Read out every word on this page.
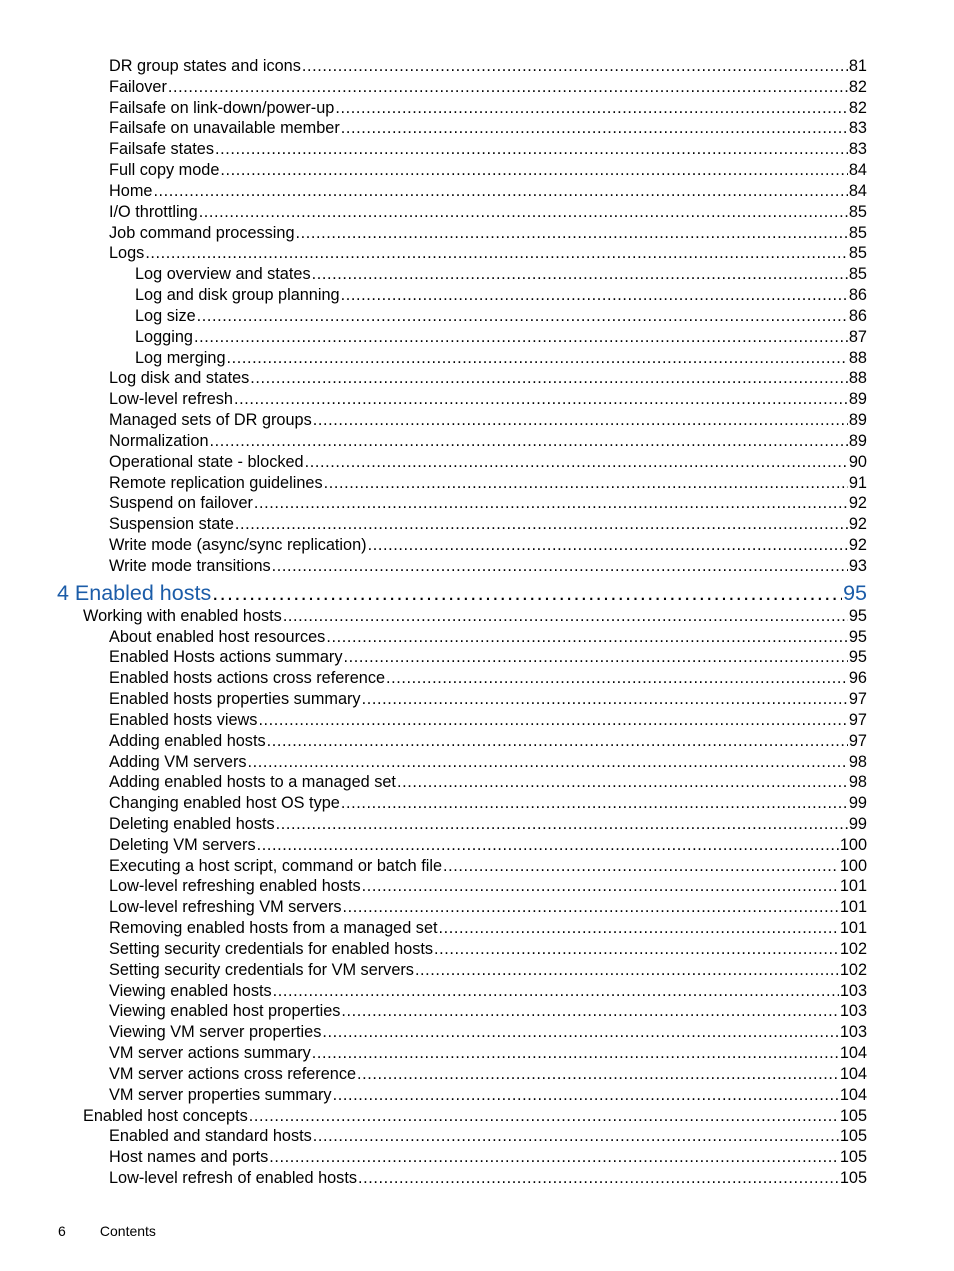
DR group states and icons .....	81
Failover .....	82
Failsafe on link-down/power-up .....	82
Failsafe on unavailable member .....	83
Failsafe states .....	83
Full copy mode .....	84
Home .....	84
I/O throttling .....	85
Job command processing .....	85
Logs .....	85
Log overview and states .....	85
Log and disk group planning .....	86
Log size .....	86
Logging .....	87
Log merging .....	88
Log disk and states .....	88
Low-level refresh .....	89
Managed sets of DR groups .....	89
Normalization .....	89
Operational state - blocked .....	90
Remote replication guidelines .....	91
Suspend on failover .....	92
Suspension state .....	92
Write mode (async/sync replication) .....	92
Write mode transitions .....	93
4 Enabled hosts .....	95
Working with enabled hosts .....	95
About enabled host resources .....	95
Enabled Hosts actions summary .....	95
Enabled hosts actions cross reference .....	96
Enabled hosts properties summary .....	97
Enabled hosts views .....	97
Adding enabled hosts .....	97
Adding VM servers .....	98
Adding enabled hosts to a managed set .....	98
Changing enabled host OS type .....	99
Deleting enabled hosts .....	99
Deleting VM servers .....	100
Executing a host script, command or batch file .....	100
Low-level refreshing enabled hosts .....	101
Low-level refreshing VM servers .....	101
Removing enabled hosts from a managed set .....	101
Setting security credentials for enabled hosts .....	102
Setting security credentials for VM servers .....	102
Viewing enabled hosts .....	103
Viewing enabled host properties .....	103
Viewing VM server properties .....	103
VM server actions summary .....	104
VM server actions cross reference .....	104
VM server properties summary .....	104
Enabled host concepts .....	105
Enabled and standard hosts .....	105
Host names and ports .....	105
Low-level refresh of enabled hosts .....	105
6 Contents
